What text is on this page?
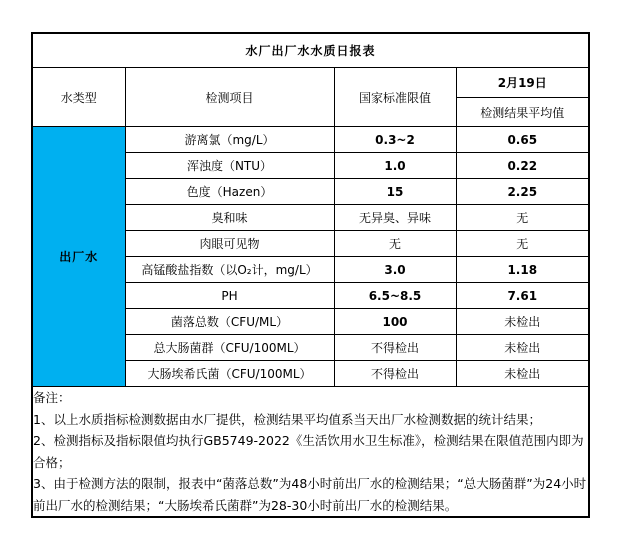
水厂出厂水水质日报表			
水类型	检测项目	国家标准限值	2月19日
			检测结果平均值
出厂水	游离氯（mg/L）	0.3~2	0.65
	浑浊度（NTU）	1.0	0.22
	色度（Hazen）	15	2.25
	臭和味	无异臭、异味	无
	肉眼可见物	无	无
	高锰酸盐指数（以O₂计，mg/L）	3.0	1.18
	PH	6.5~8.5	7.61
	菌落总数（CFU/ML）	100	未检出
	总大肠菌群（CFU/100ML）	不得检出	未检出
	大肠埃希氏菌（CFU/100ML）	不得检出	未检出

备注：
1、以上水质指标检测数据由水厂提供，检测结果平均值系当天出厂水检测数据的统计结果；
2、检测指标及指标限值均执行GB5749-2022《生活饮用水卫生标准》，检测结果在限值范围内即为合格；
3、由于检测方法的限制，报表中“菌落总数”为48小时前出厂水的检测结果；“总大肠菌群”为24小时前出厂水的检测结果；“大肠埃希氏菌群”为28-30小时前出厂水的检测结果。			
